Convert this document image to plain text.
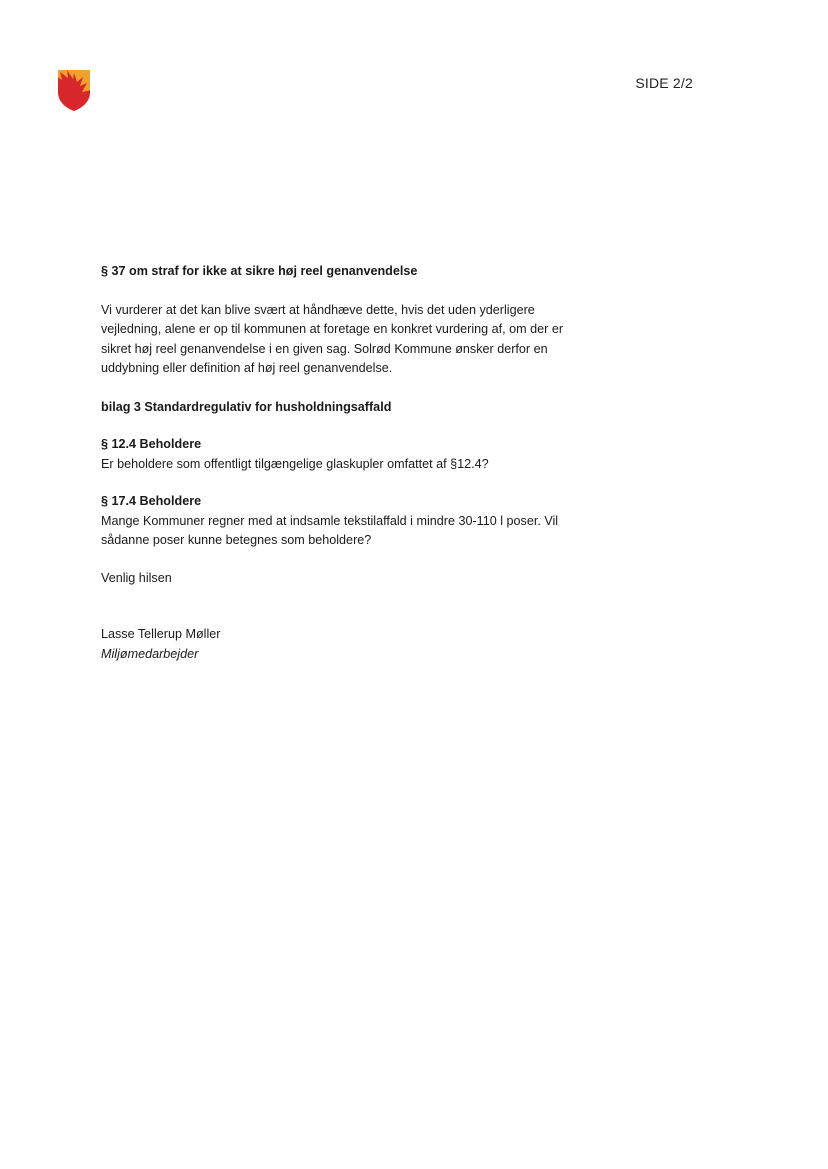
SIDE 2/2

§ 37 om straf for ikke at sikre høj reel genanvendelse

Vi vurderer at det kan blive svært at håndhæve dette, hvis det uden yderligere

vejledning, alene er op til kommunen at foretage en konkret vurdering af, om der er

sikret høj reel genanvendelse i en given sag. Solrød Kommune ønsker derfor en

uddybning eller definition af høj reel genanvendelse.

bilag 3 Standardregulativ for husholdningsaffald

§ 12.4 Beholdere

Er beholdere som offentligt tilgængelige glaskupler omfattet af §12.4?

§ 17.4 Beholdere

Mange Kommuner regner med at indsamle tekstilaffald i mindre 30-110 l poser. Vil

sådanne poser kunne betegnes som beholdere?

Venlig hilsen

Lasse Tellerup Møller

Miljømedarbejder
